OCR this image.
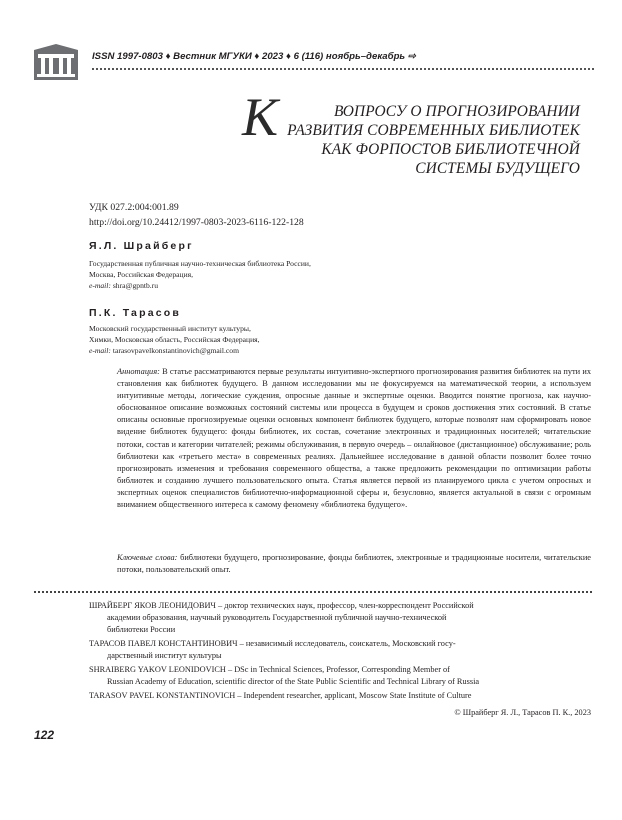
ISSN 1997-0803 ♦ Вестник МГУКИ ♦ 2023 ♦ 6 (116) ноябрь–декабрь ⇨
К	ВОПРОСУ О ПРОГНОЗИРОВАНИИ
РАЗВИТИЯ СОВРЕМЕННЫХ БИБЛИОТЕК
КАК ФОРПОСТОВ БИБЛИОТЕЧНОЙ
СИСТЕМЫ БУДУЩЕГО
УДК 027.2:004:001.89
http://doi.org/10.24412/1997-0803-2023-6116-122-128
Я.Л. Шрайберг
Государственная публичная научно-техническая библиотека России,
Москва, Российская Федерация,
e-mail: shra@gpntb.ru
П.К. Тарасов
Московский государственный институт культуры,
Химки, Московская область, Российская Федерация,
e-mail: tarasovpavelkonstantinovich@gmail.com

Аннотация: В статье рассматриваются первые результаты интуитивно-экспертного прогнозирования развития библиотек на пути их становления как библиотек будущего. В данном исследовании мы не фокусируемся на математической теории, а используем интуитивные методы, логические суждения, опросные данные и экспертные оценки. Вводится понятие прогноза, как научно-обоснованное описание возможных состояний системы или процесса в будущем и сроков достижения этих состояний. В статье описаны основные прогнозируемые оценки основных компонент библиотек будущего, которые позволят нам сформировать новое видение библиотек будущего: фонды библиотек, их состав, сочетание электронных и традиционных носителей; читательские потоки, состав и категории читателей; режимы обслуживания, в первую очередь – онлайновое (дистанционное) обслуживание; роль библиотеки как «третьего места» в современных реалиях. Дальнейшее исследование в данной области позволит более точно прогнозировать изменения и требования современного общества, а также предложить рекомендации по оптимизации работы библиотек и созданию лучшего пользовательского опыта. Статья является первой из планируемого цикла с учетом опросных и экспертных оценок специалистов библиотечно-информационной сферы и, безусловно, является актуальной в связи с огромным вниманием общественного интереса к самому феномену «библиотека будущего».

Ключевые слова: библиотеки будущего, прогнозирование, фонды библиотек, электронные и традиционные носители, читательские потоки, пользовательский опыт.
ШРАЙБЕРГ ЯКОВ ЛЕОНИДОВИЧ – доктор технических наук, профессор, член-корреспондент Российской
академии образования, научный руководитель Государственной публичной научно-технической
библиотеки России
ТАРАСОВ ПАВЕЛ КОНСТАНТИНОВИЧ – независимый исследователь, соискатель, Московский госу-
дарственный институт культуры
SHRAIBERG YAKOV LEONIDOVICH – DSc in Technical Sciences, Professor, Corresponding Member of
Russian Academy of Education, scientific director of the State Public Scientific and Technical Library of Russia
TARASOV PAVEL KONSTANTINOVICH – Independent researcher, applicant, Moscow State Institute of Culture
© Шрайберг Я. Л., Тарасов П. К., 2023
122
